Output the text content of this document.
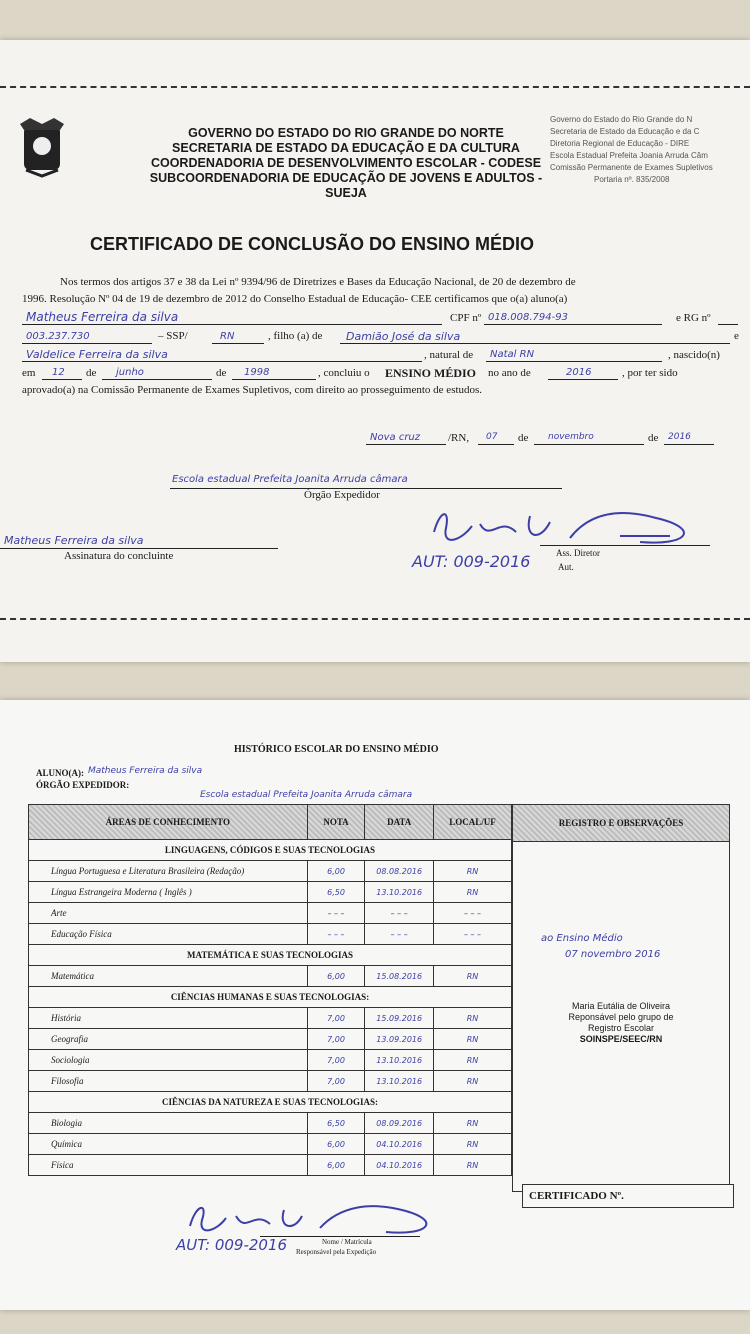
GOVERNO DO ESTADO DO RIO GRANDE DO NORTE
SECRETARIA DE ESTADO DA EDUCAÇÃO E DA CULTURA
COORDENADORIA DE DESENVOLVIMENTO ESCOLAR - CODESE
SUBCOORDENADORIA DE EDUCAÇÃO DE JOVENS E ADULTOS - SUEJA
Governo do Estado do Rio Grande do N
Secretaria de Estado da Educação e da C
Diretoria Regional de Educação - DIRE
Escola Estadual Prefeita Joania Arruda Câm
Comissão Permanente de Exames Supletivos
Portaria nº. 835/2008
CERTIFICADO DE CONCLUSÃO DO ENSINO MÉDIO
Nos termos dos artigos 37 e 38 da Lei nº 9394/96 de Diretrizes e Bases da Educação Nacional, de 20 de dezembro de
1996. Resolução Nº 04 de 19 de dezembro de 2012 do Conselho Estadual de Educação- CEE certificamos que o(a) aluno(a)
Matheus Ferreira da silva	CPF nº 018.008.794-93	e RG nº
003.237.730	– SSP/	RN	, filho (a) de Damião José da silva	e
Valdelice Ferreira da silva	, natural de Natal RN	, nascido(n)
em 12 de junho	de 1998	, concluiu o ENSINO MÉDIO no ano de	2016	, por ter sido
aprovado(a) na Comissão Permanente de Exames Supletivos, com direito ao prosseguimento de estudos.
Nova cruz	/RN, 07 de novembro	de 2016
Escola estadual Prefeita Joanita Arruda câmara
Órgão Expedidor
Matheus Ferreira da silva
Assinatura do concluinte	AUT: 009-2016	Ass. Diretor
Aut.
HISTÓRICO ESCOLAR DO ENSINO MÉDIO
ALUNO(A): Matheus Ferreira da silva
ÓRGÃO EXPEDIDOR:
Escola estadual Prefeita Joanita Arruda câmara
ÁREAS DE CONHECIMENTO	NOTA	DATA	LOCAL/UF
LINGUAGENS, CÓDIGOS E SUAS TECNOLOGIAS			
Língua Portuguesa e Literatura Brasileira (Redação)	6,00	08.08.2016	RN
Língua Estrangeira Moderna ( Inglês )	6,50	13.10.2016	RN
Arte	– – –	– – –	– – –
Educação Física	– – –	– – –	– – –
MATEMÁTICA E SUAS TECNOLOGIAS			
Matemática	6,00	15.08.2016	RN
CIÊNCIAS HUMANAS E SUAS TECNOLOGIAS:			
História	7,00	15.09.2016	RN
Geografia	7,00	13.09.2016	RN
Sociologia	7,00	13.10.2016	RN
Filosofia	7,00	13.10.2016	RN
CIÊNCIAS DA NATUREZA E SUAS TECNOLOGIAS:			
Biologia	6,50	08.09.2016	RN
Química	6,00	04.10.2016	RN
Física	6,00	04.10.2016	RN
REGISTRO E OBSERVAÇÕES
ao Ensino Médio
07 novembro 2016
Maria Eutália de Oliveira
Reponsável pelo grupo de
Registro Escolar
SOINSPE/SEEC/RN
CERTIFICADO Nº.
AUT: 009-2016	Nome / Matrícula
Responsável pela Expedição
